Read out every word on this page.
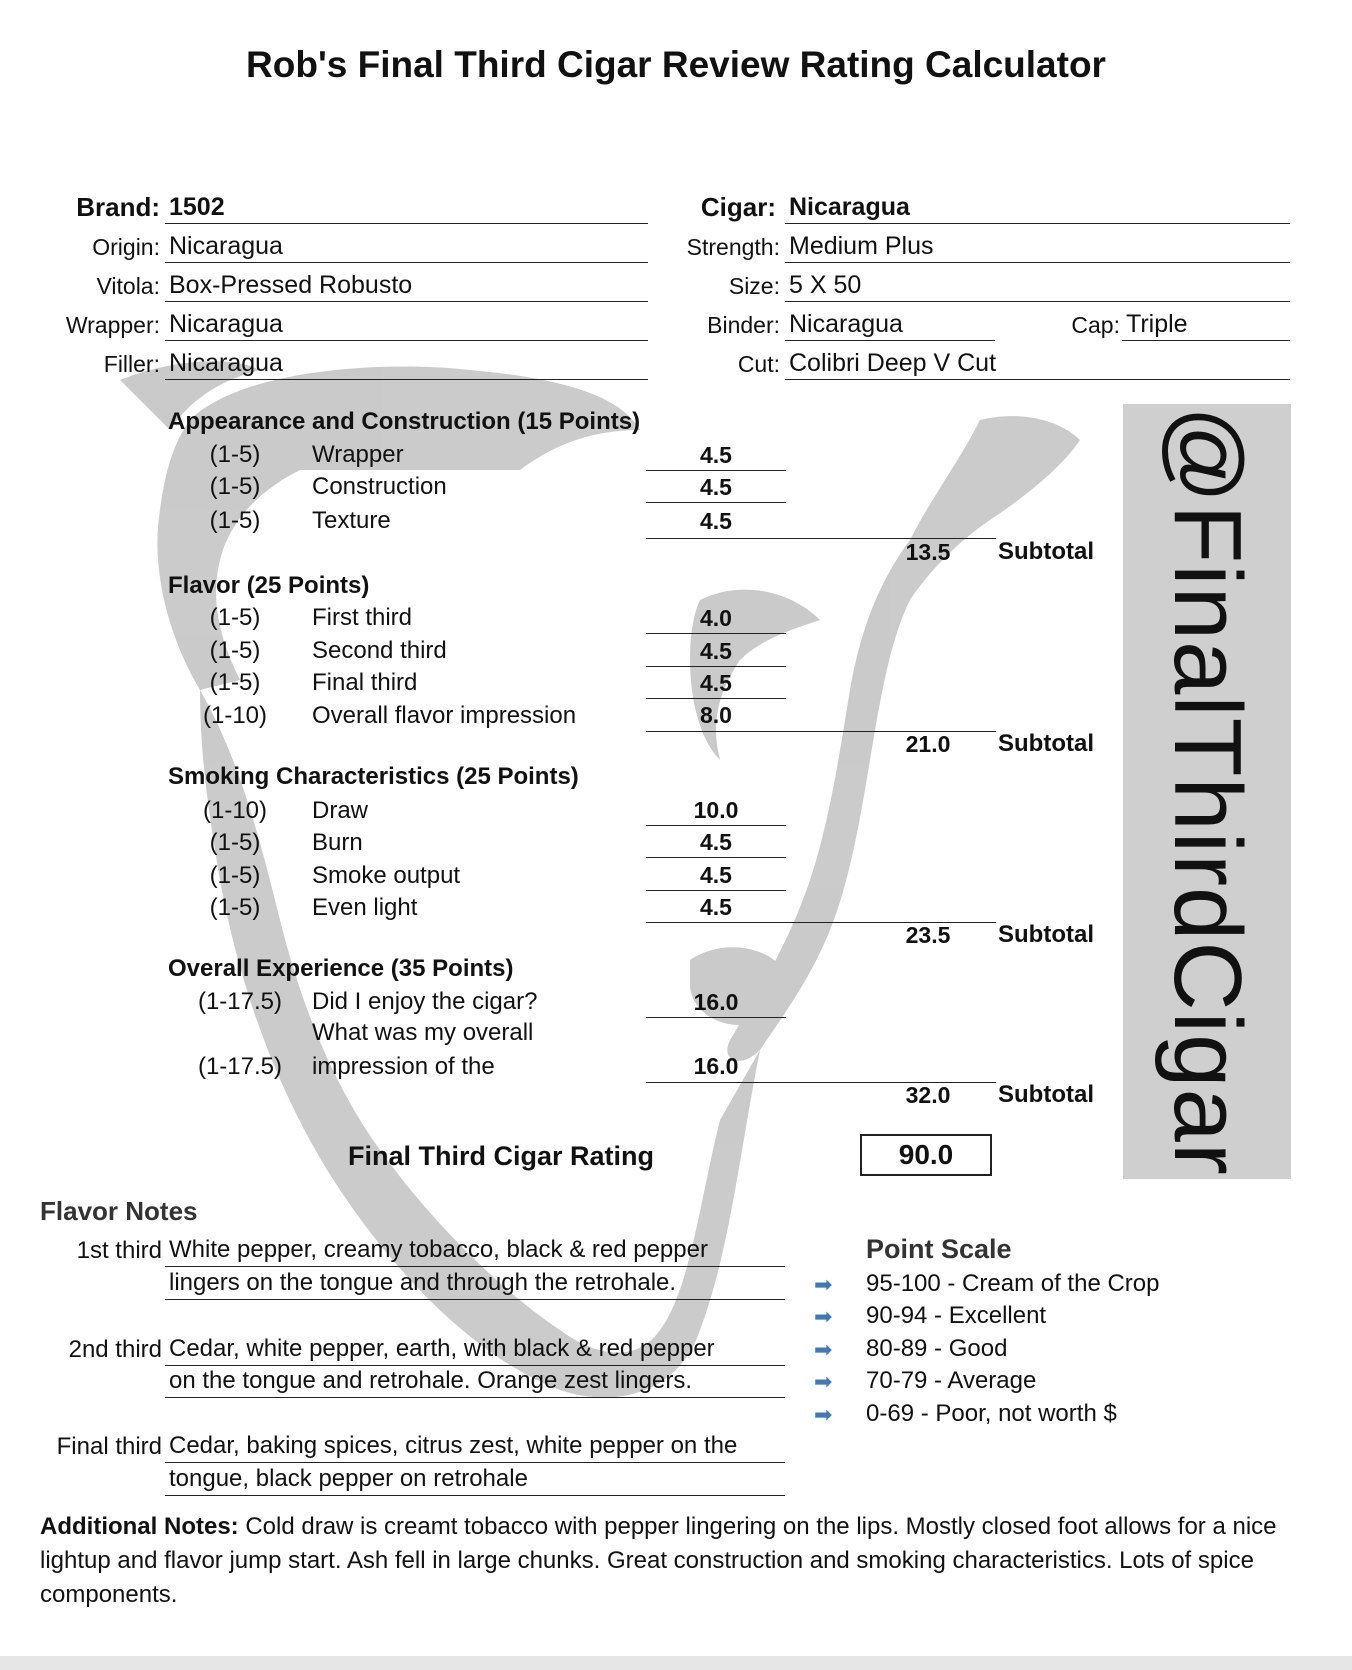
Rob's Final Third Cigar Review Rating Calculator
Brand: 1502
Origin: Nicaragua
Vitola: Box-Pressed Robusto
Wrapper: Nicaragua
Filler: Nicaragua
Cigar: Nicaragua
Strength: Medium Plus
Size: 5 X 50
Binder: Nicaragua	Cap: Triple
Cut: Colibri Deep V Cut
Appearance and Construction (15 Points)
(1-5)	Wrapper	4.5
(1-5)	Construction	4.5
(1-5)	Texture	4.5
13.5	Subtotal
Flavor (25 Points)
(1-5)	First third	4.0
(1-5)	Second third	4.5
(1-5)	Final third	4.5
(1-10)	Overall flavor impression	8.0
21.0	Subtotal
Smoking Characteristics (25 Points)
(1-10)	Draw	10.0
(1-5)	Burn	4.5
(1-5)	Smoke output	4.5
(1-5)	Even light	4.5
23.5	Subtotal
Overall Experience (35 Points)
(1-17.5)	Did I enjoy the cigar?	16.0
What was my overall
(1-17.5)	impression of the	16.0
32.0	Subtotal
Final Third Cigar Rating	90.0	@FinalThirdCigar
Flavor Notes
1st third White pepper, creamy tobacco, black & red pepper
lingers on the tongue and through the retrohale.
2nd third Cedar, white pepper, earth, with black & red pepper
on the tongue and retrohale. Orange zest lingers.
Final third Cedar, baking spices, citrus zest, white pepper on the
tongue, black pepper on retrohale
Point Scale
➡ 95-100 - Cream of the Crop
➡ 90-94 - Excellent
➡ 80-89 - Good
➡ 70-79 - Average
➡ 0-69 - Poor, not worth $
Additional Notes: Cold draw is creamt tobacco with pepper lingering on the lips. Mostly closed foot allows for a nice lightup and flavor jump start. Ash fell in large chunks. Great construction and smoking characteristics. Lots of spice components.
